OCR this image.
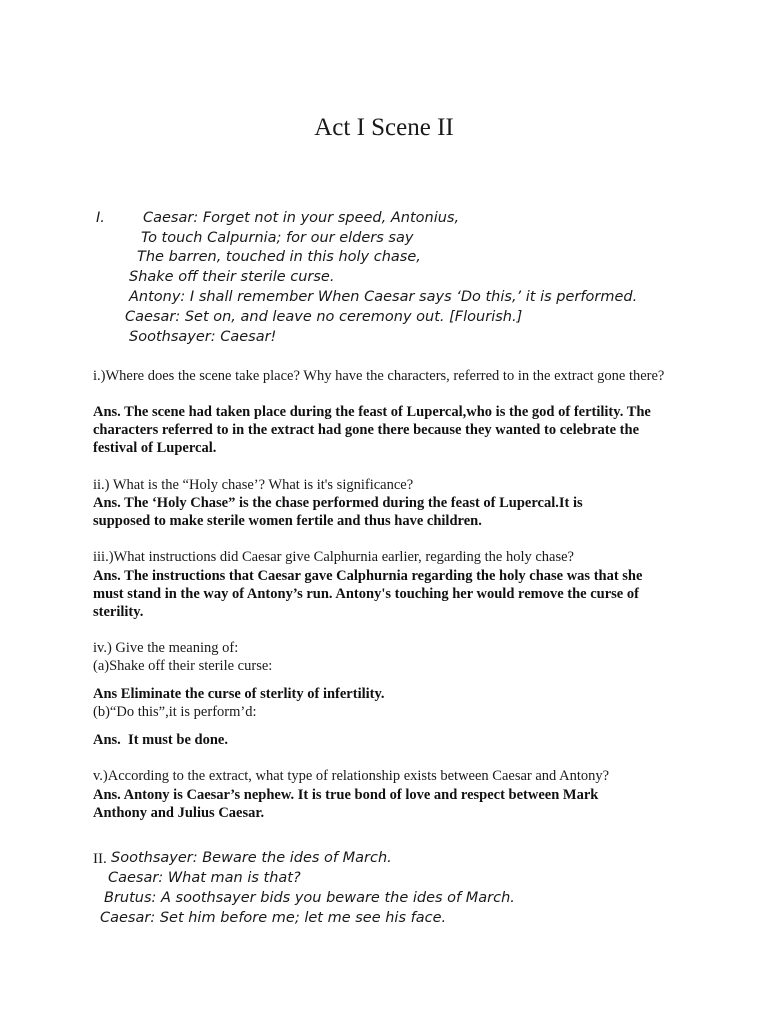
Act I Scene II
I.	Caesar: Forget not in your speed, Antonius,
To touch Calpurnia; for our elders say
The barren, touched in this holy chase,
Shake off their sterile curse.
Antony: I shall remember When Caesar says ‘Do this,’ it is performed.
Caesar: Set on, and leave no ceremony out. [Flourish.]
Soothsayer: Caesar!
i.)Where does the scene take place? Why have the characters, referred to in the extract gone there?
Ans. The scene had taken place during the feast of Lupercal,who is the god of fertility. The characters referred to in the extract had gone there because they wanted to celebrate the festival of Lupercal.
ii.) What is the “Holy chase’? What is it's significance?
Ans. The ‘Holy Chase” is the chase performed during the feast of Lupercal.It is supposed to make sterile women fertile and thus have children.
iii.)What instructions did Caesar give Calphurnia earlier, regarding the holy chase?
Ans. The instructions that Caesar gave Calphurnia regarding the holy chase was that she must stand in the way of Antony’s run. Antony's touching her would remove the curse of sterility.
iv.) Give the meaning of:
(a)Shake off their sterile curse:
Ans Eliminate the curse of sterlity of infertility.
(b)“Do this”,it is perform’d:
Ans.  It must be done.
v.)According to the extract, what type of relationship exists between Caesar and Antony?
Ans. Antony is Caesar’s nephew. It is true bond of love and respect between Mark Anthony and Julius Caesar.
II. Soothsayer: Beware the ides of March.
Caesar: What man is that?
Brutus: A soothsayer bids you beware the ides of March.
Caesar: Set him before me; let me see his face.
